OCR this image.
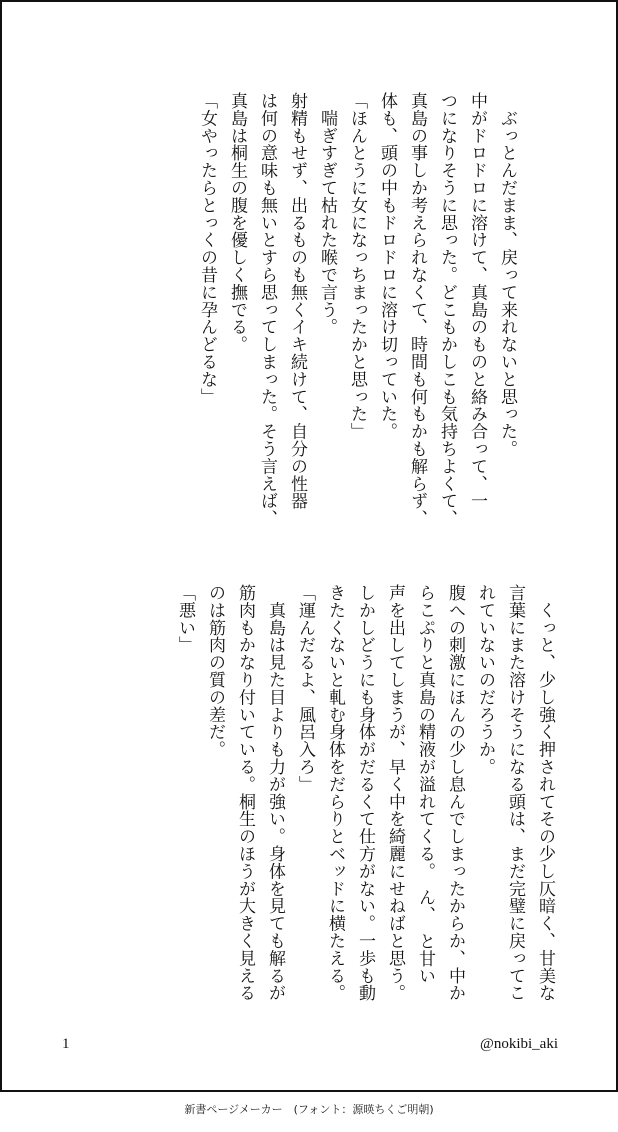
　ぶっとんだまま、戻って来れないと思った。
中がドロドロに溶けて、真島のものと絡み合って、一
つになりそうに思った。どこもかしこも気持ちよくて、
真島の事しか考えられなくて、時間も何もかも解らず、
体も、頭の中もドロドロに溶け切っていた。
「ほんとうに女になっちまったかと思った」
　喘ぎすぎて枯れた喉で言う。
射精もせず、出るものも無くイキ続けて、自分の性器
は何の意味も無いとすら思ってしまった。そう言えば、
真島は桐生の腹を優しく撫でる。
「女やったらとっくの昔に孕んどるな」
　くっと、少し強く押されてその少し仄暗く、甘美な
言葉にまた溶けそうになる頭は、まだ完璧に戻ってこ
れていないのだろうか。
腹への刺激にほんの少し息んでしまったからか、中か
らこぷりと真島の精液が溢れてくる。　ん、　と甘い
声を出してしまうが、早く中を綺麗にせねばと思う。
しかしどうにも身体がだるくて仕方がない。一歩も動
きたくないと軋む身体をだらりとベッドに横たえる。
「運んだるよ、風呂入ろ」
　真島は見た目よりも力が強い。身体を見ても解るが
筋肉もかなり付いている。桐生のほうが大きく見える
のは筋肉の質の差だ。
「悪い」
1	@nokibi_aki
新書ページメーカー　(フォント：源暎ちくご明朝)
